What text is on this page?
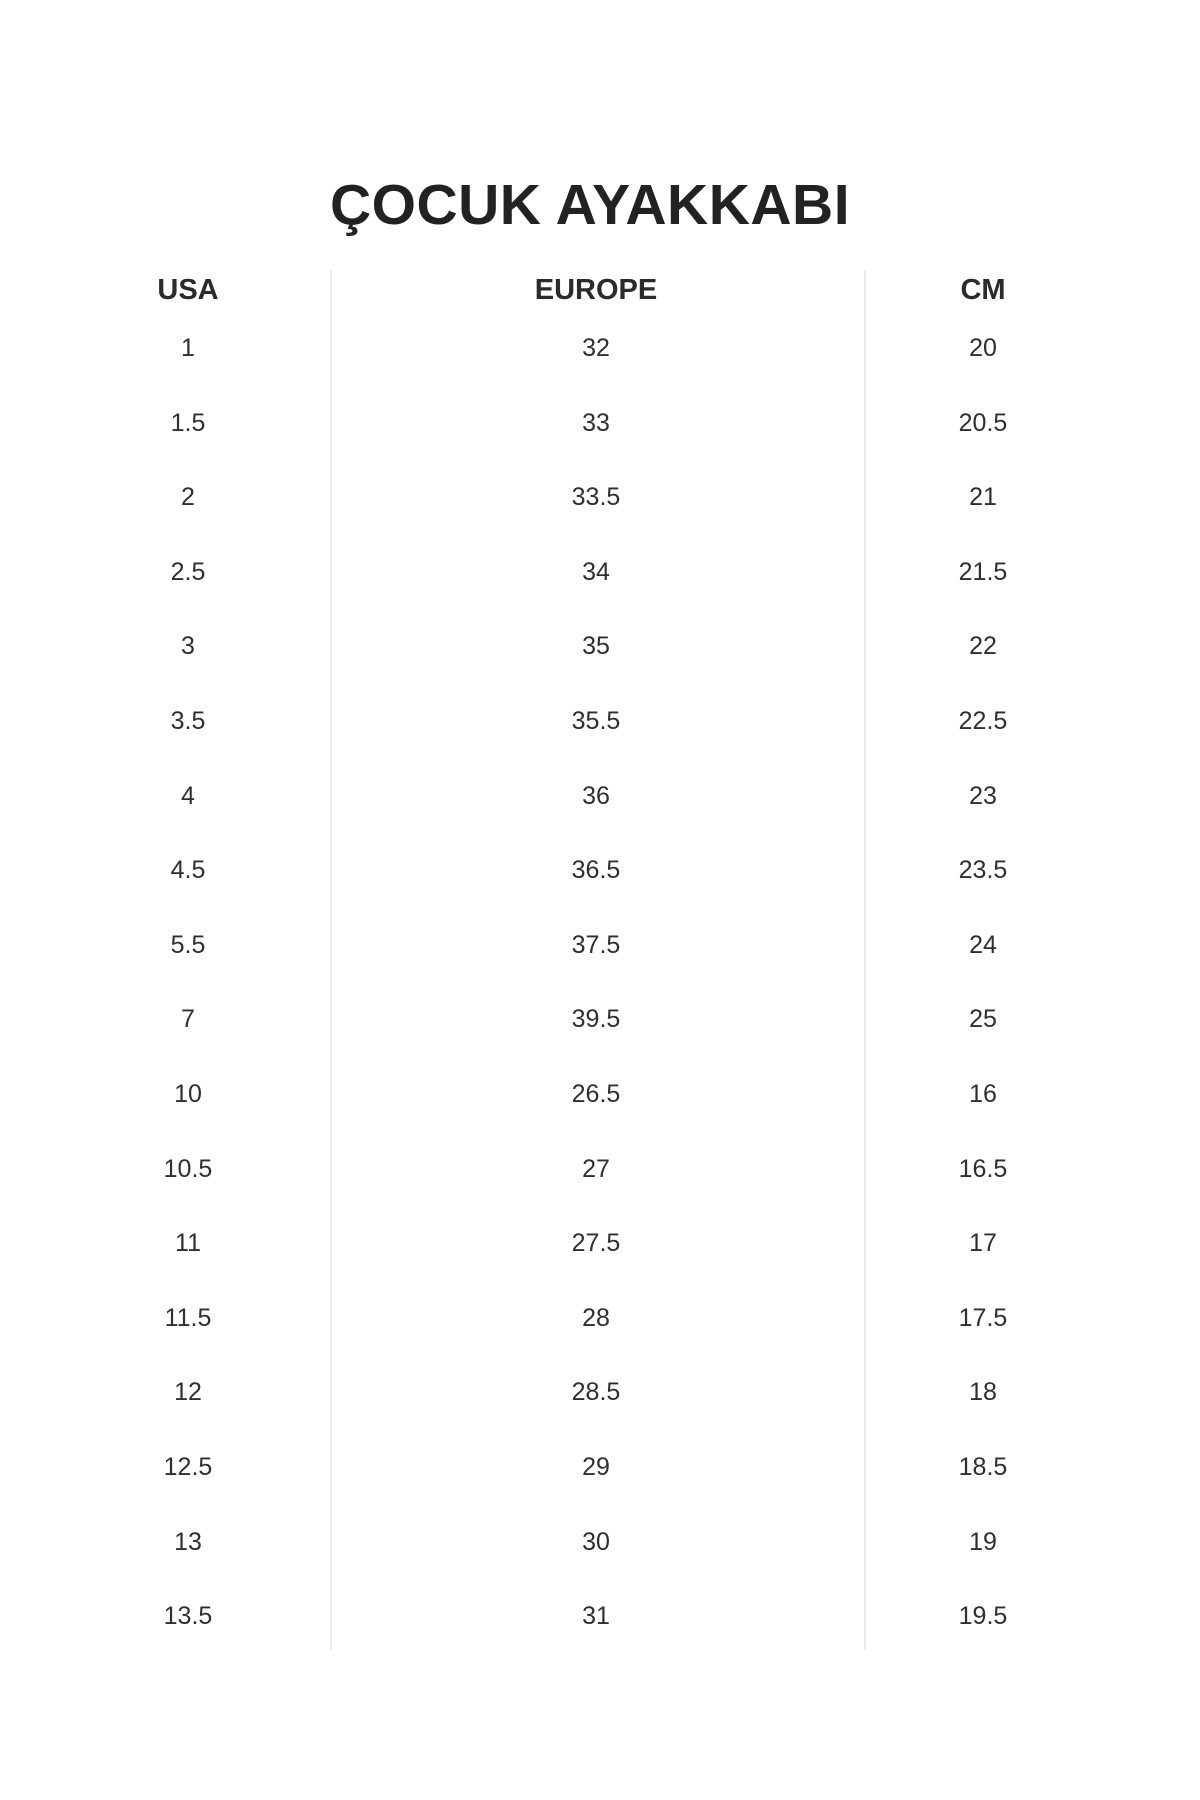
ÇOCUK AYAKKABI
USA
1
1.5
2
2.5
3
3.5
4
4.5
5.5
7
10
10.5
11
11.5
12
12.5
13
13.5
EUROPE
32
33
33.5
34
35
35.5
36
36.5
37.5
39.5
26.5
27
27.5
28
28.5
29
30
31
CM
20
20.5
21
21.5
22
22.5
23
23.5
24
25
16
16.5
17
17.5
18
18.5
19
19.5
